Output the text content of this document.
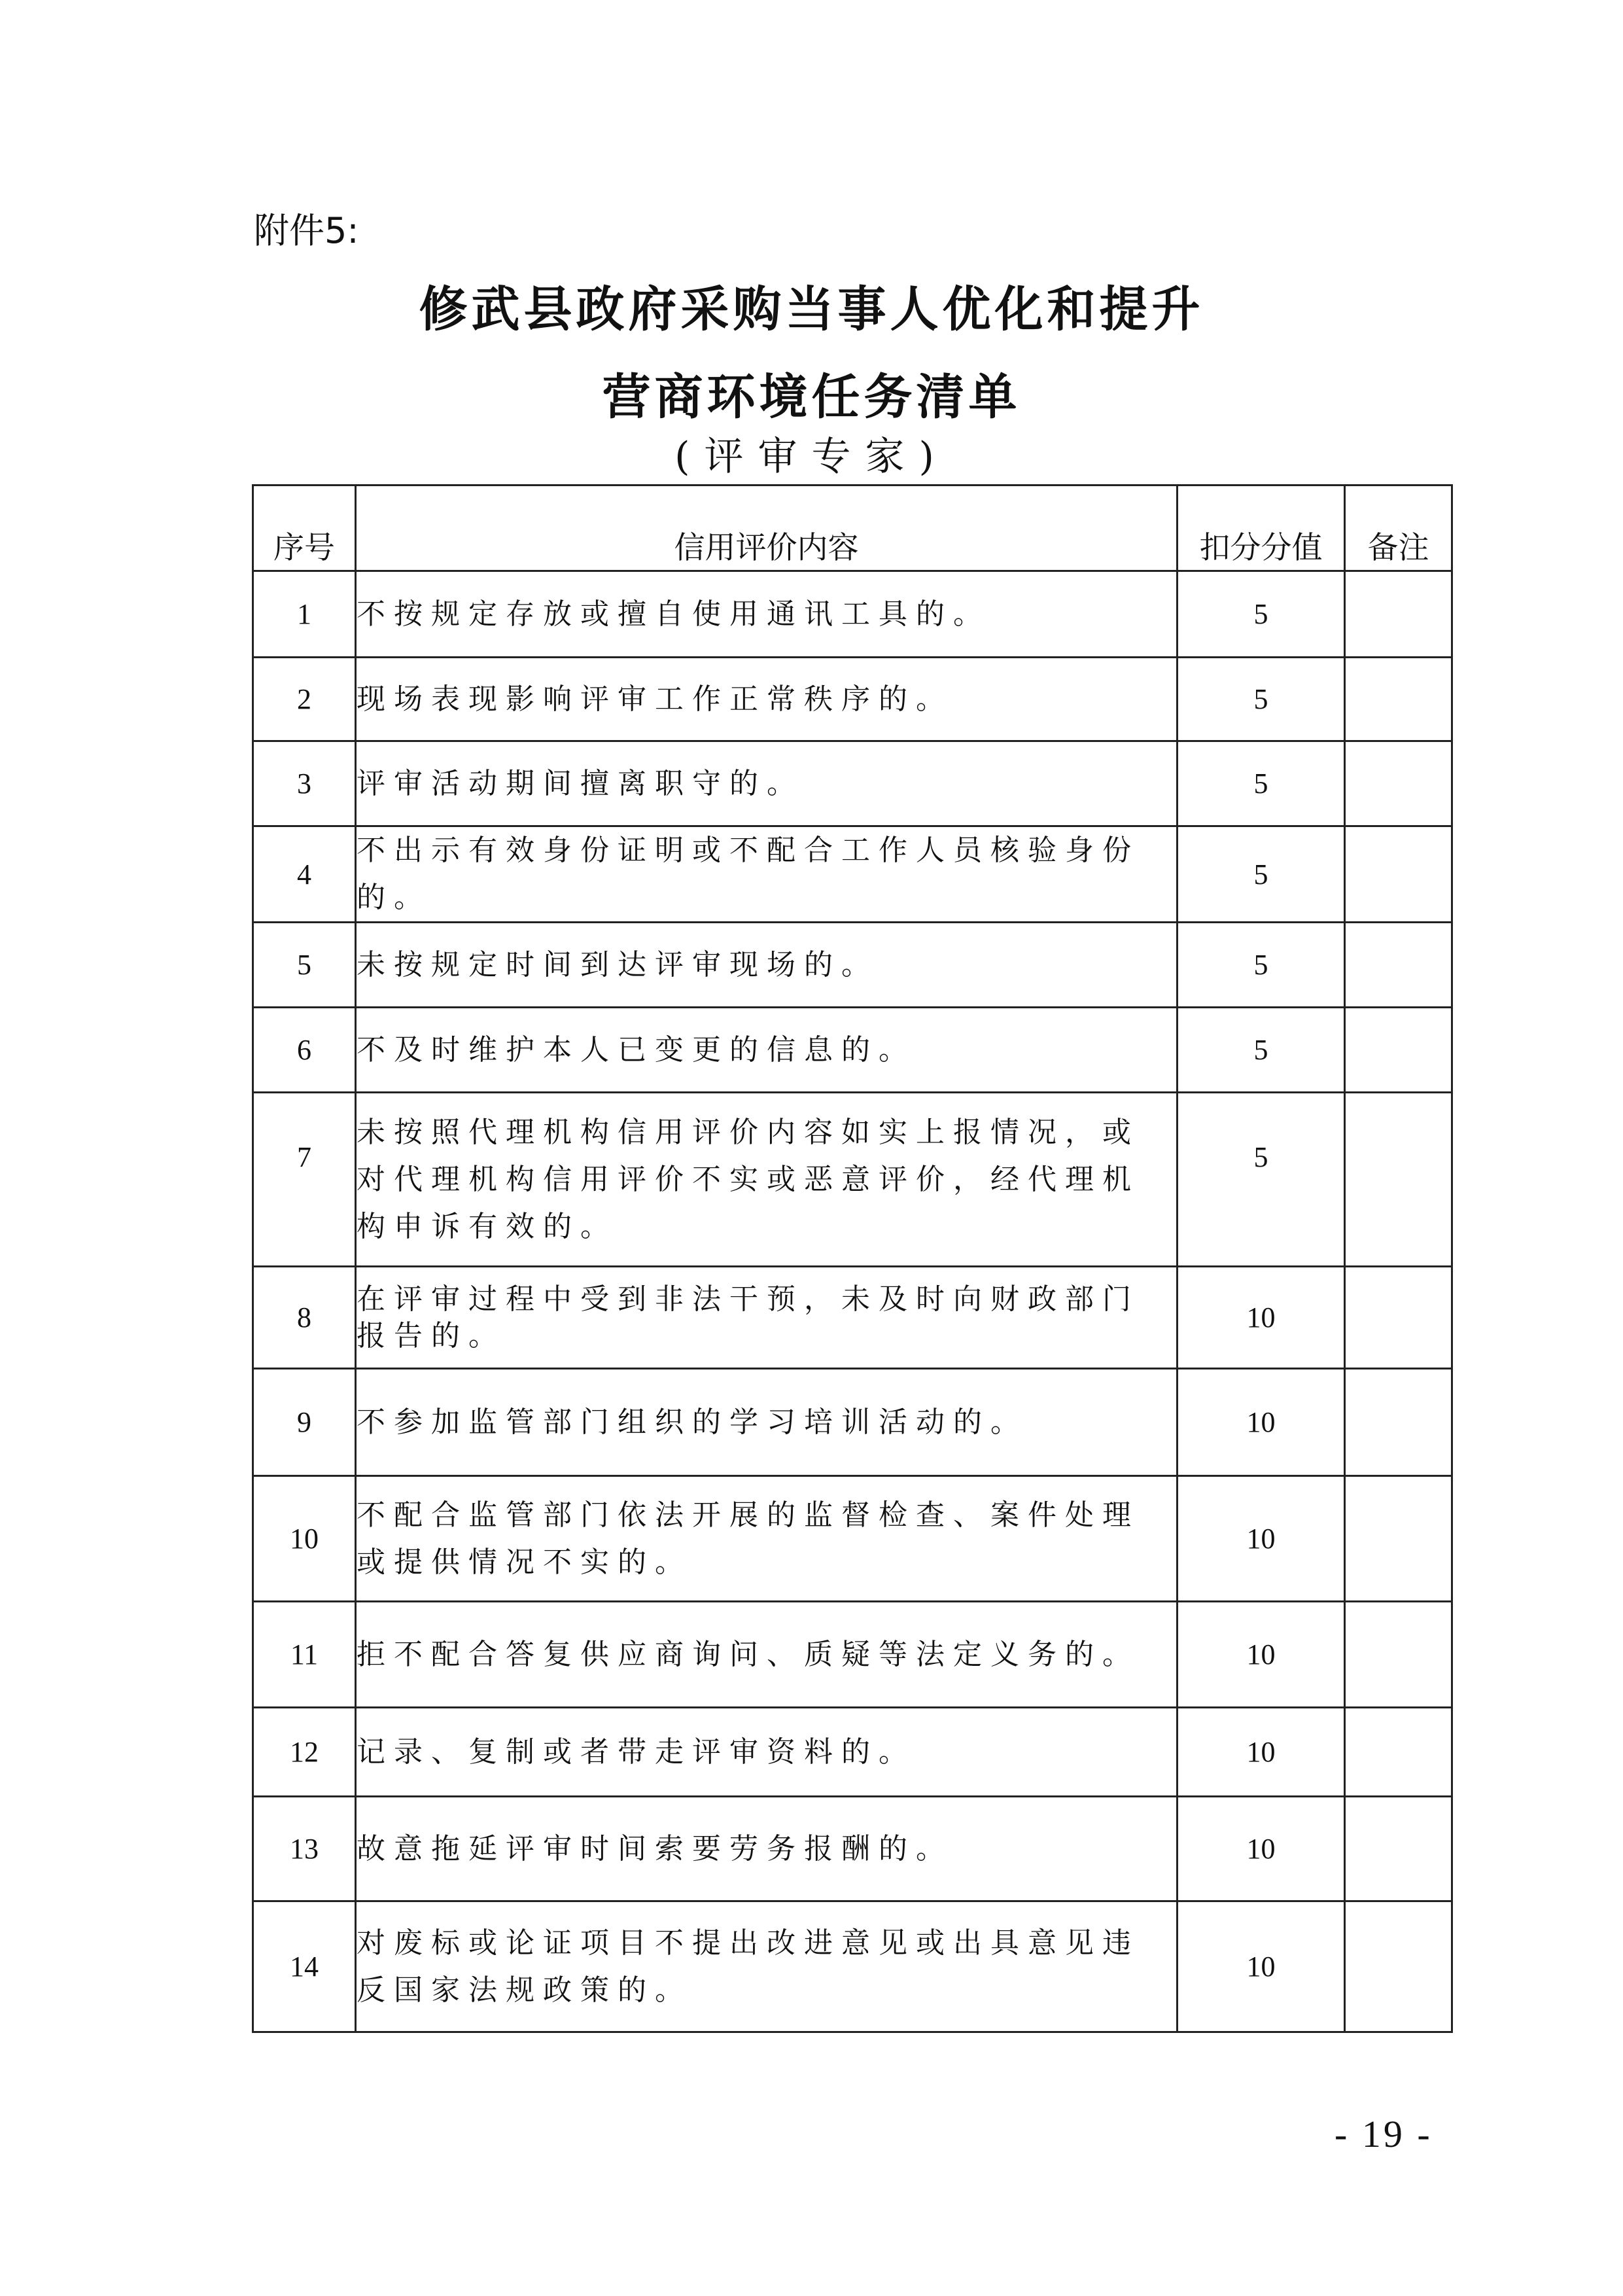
附件5:
修武县政府采购当事人优化和提升
营商环境任务清单
(评审专家)
序号	信用评价内容	扣分分值	备注
1	不按规定存放或擅自使用通讯工具的。	5	
2	现场表现影响评审工作正常秩序的。	5	
3	评审活动期间擅离职守的。	5	
4	不出示有效身份证明或不配合工作人员核验身份的。	5	
5	未按规定时间到达评审现场的。	5	
6	不及时维护本人已变更的信息的。	5	
7	未按照代理机构信用评价内容如实上报情况，或对代理机构信用评价不实或恶意评价，经代理机构申诉有效的。	5	
8	在评审过程中受到非法干预，未及时向财政部门报告的。	10	
9	不参加监管部门组织的学习培训活动的。	10	
10	不配合监管部门依法开展的监督检查、案件处理或提供情况不实的。	10	
11	拒不配合答复供应商询问、质疑等法定义务的。	10	
12	记录、复制或者带走评审资料的。	10	
13	故意拖延评审时间索要劳务报酬的。	10	
14	对废标或论证项目不提出改进意见或出具意见违反国家法规政策的。	10	
- 19 -
